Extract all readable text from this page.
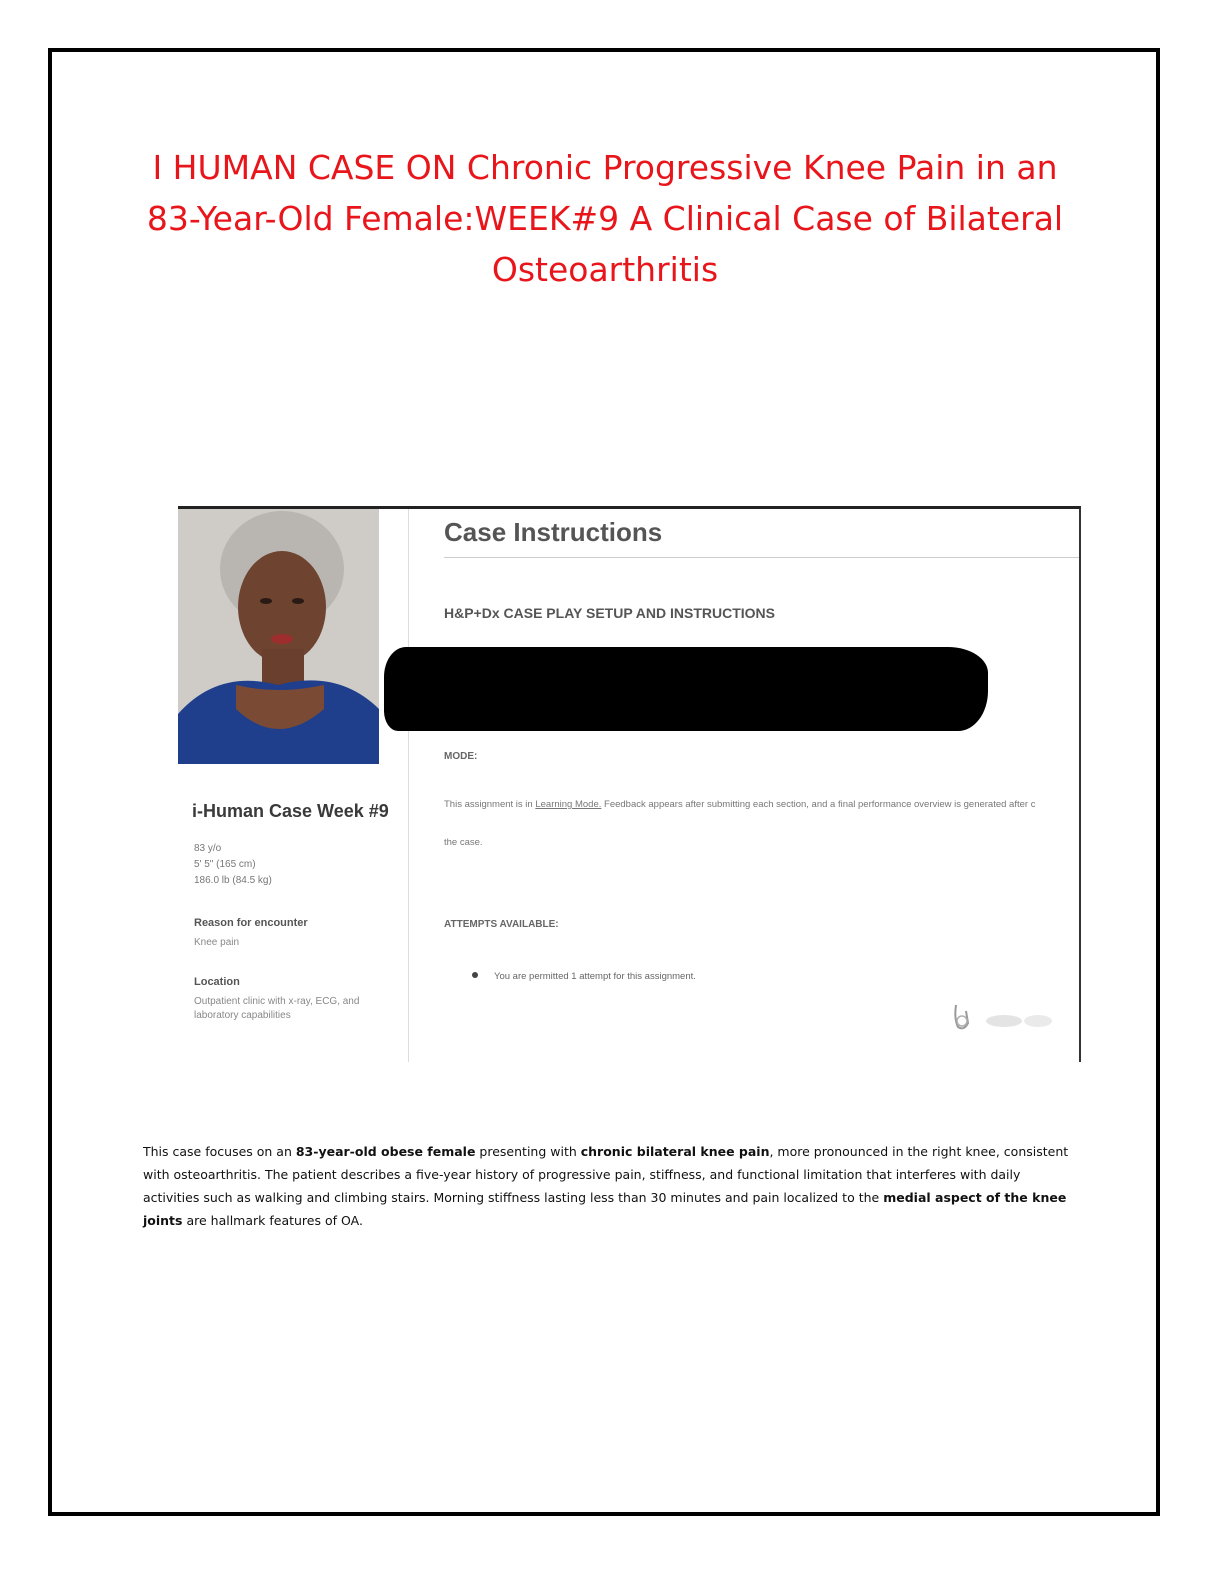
I HUMAN CASE ON Chronic Progressive Knee Pain in an 83-Year-Old Female:WEEK#9 A Clinical Case of Bilateral Osteoarthritis
i-Human Case Week #9
83 y/o
5' 5" (165 cm)
186.0 lb (84.5 kg)
Reason for encounter
Knee pain
Location
Outpatient clinic with x-ray, ECG, and laboratory capabilities
Case Instructions
H&P+Dx CASE PLAY SETUP AND INSTRUCTIONS
MODE:
This assignment is in Learning Mode. Feedback appears after submitting each section, and a final performance overview is generated after c
the case.
ATTEMPTS AVAILABLE:
You are permitted 1 attempt for this assignment.

This case focuses on an 83-year-old obese female presenting with chronic bilateral knee pain, more pronounced in the right knee, consistent with osteoarthritis. The patient describes a five-year history of progressive pain, stiffness, and functional limitation that interferes with daily activities such as walking and climbing stairs. Morning stiffness lasting less than 30 minutes and pain localized to the medial aspect of the knee joints are hallmark features of OA.
